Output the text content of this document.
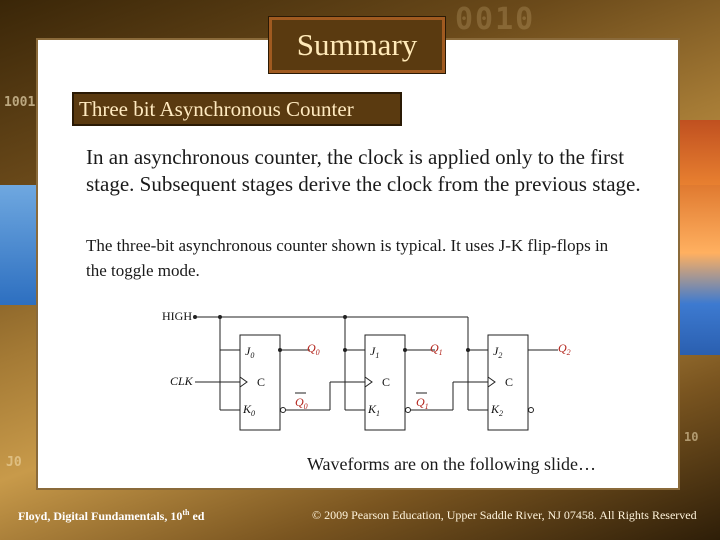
0010
1001
J0
10
Summary
Three bit Asynchronous Counter
In an asynchronous counter, the clock is applied only to the first stage. Subsequent stages derive the clock from the previous stage.
The three-bit asynchronous counter shown is typical. It uses J-K flip-flops in the toggle mode.
HIGH
CLK
$J_0$
C
$K_0$
$Q_0$
$Q_0$
$J_1$
C
$K_1$
$Q_1$
$Q_1$
$J_2$
C
$K_2$
$Q_2$
Waveforms are on the following slide…
Floyd, Digital Fundamentals, 10th ed	© 2009 Pearson Education, Upper Saddle River, NJ 07458. All Rights Reserved
